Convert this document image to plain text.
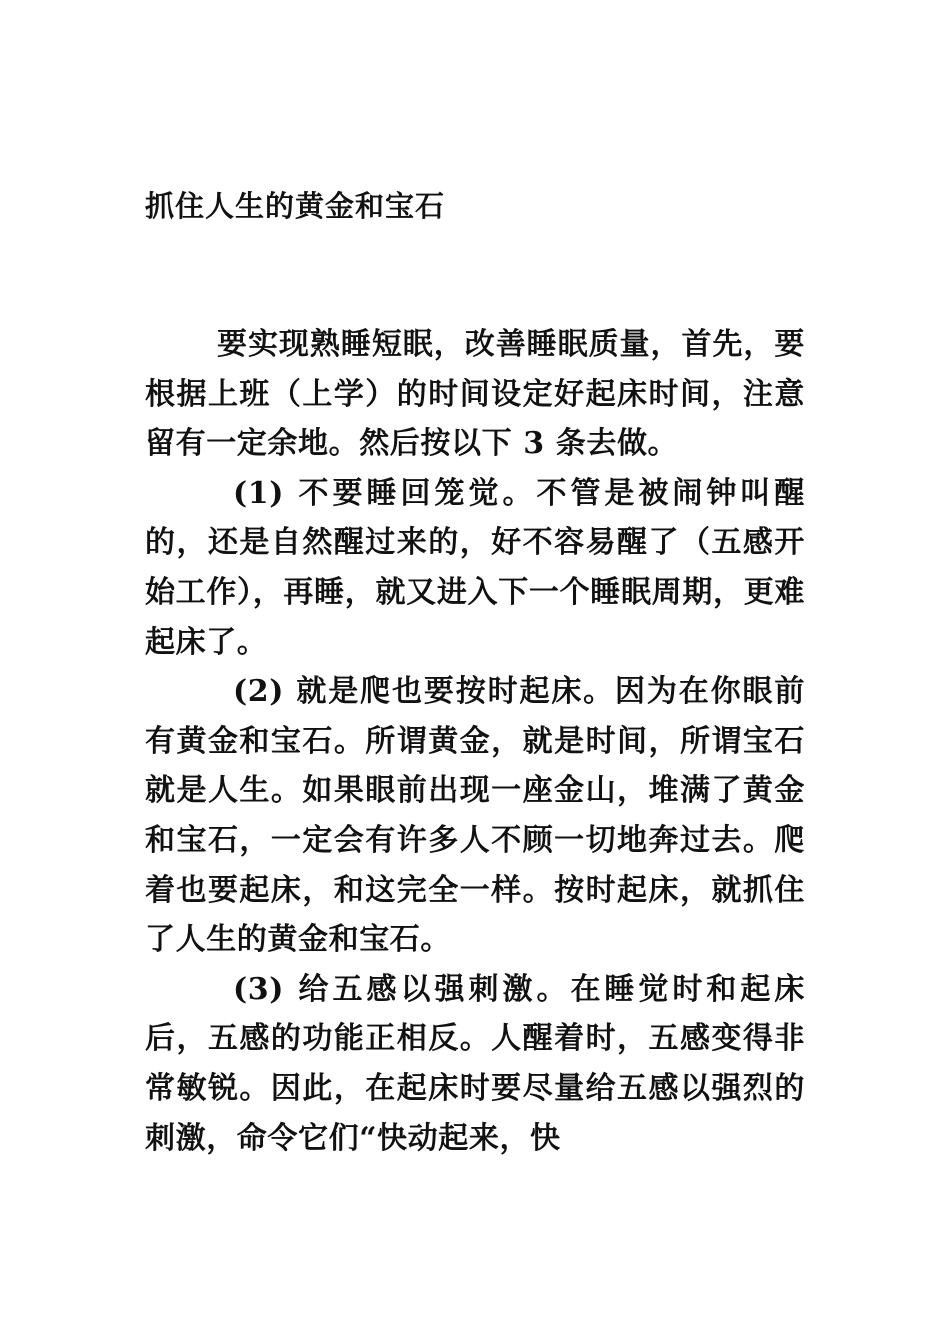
抓住人生的黄金和宝石

要实现熟睡短眠，改善睡眠质量，首先，要根据上班（上学）的时间设定好起床时间，注意留有一定余地。然后按以下 3 条去做。

(1) 不要睡回笼觉。不管是被闹钟叫醒的，还是自然醒过来的，好不容易醒了（五感开始工作），再睡，就又进入下一个睡眠周期，更难起床了。

(2) 就是爬也要按时起床。因为在你眼前有黄金和宝石。所谓黄金，就是时间，所谓宝石就是人生。如果眼前出现一座金山，堆满了黄金和宝石，一定会有许多人不顾一切地奔过去。爬着也要起床，和这完全一样。按时起床，就抓住了人生的黄金和宝石。

(3) 给五感以强刺激。在睡觉时和起床后，五感的功能正相反。人醒着时，五感变得非常敏锐。因此，在起床时要尽量给五感以强烈的刺激，命令它们“快动起来，快
